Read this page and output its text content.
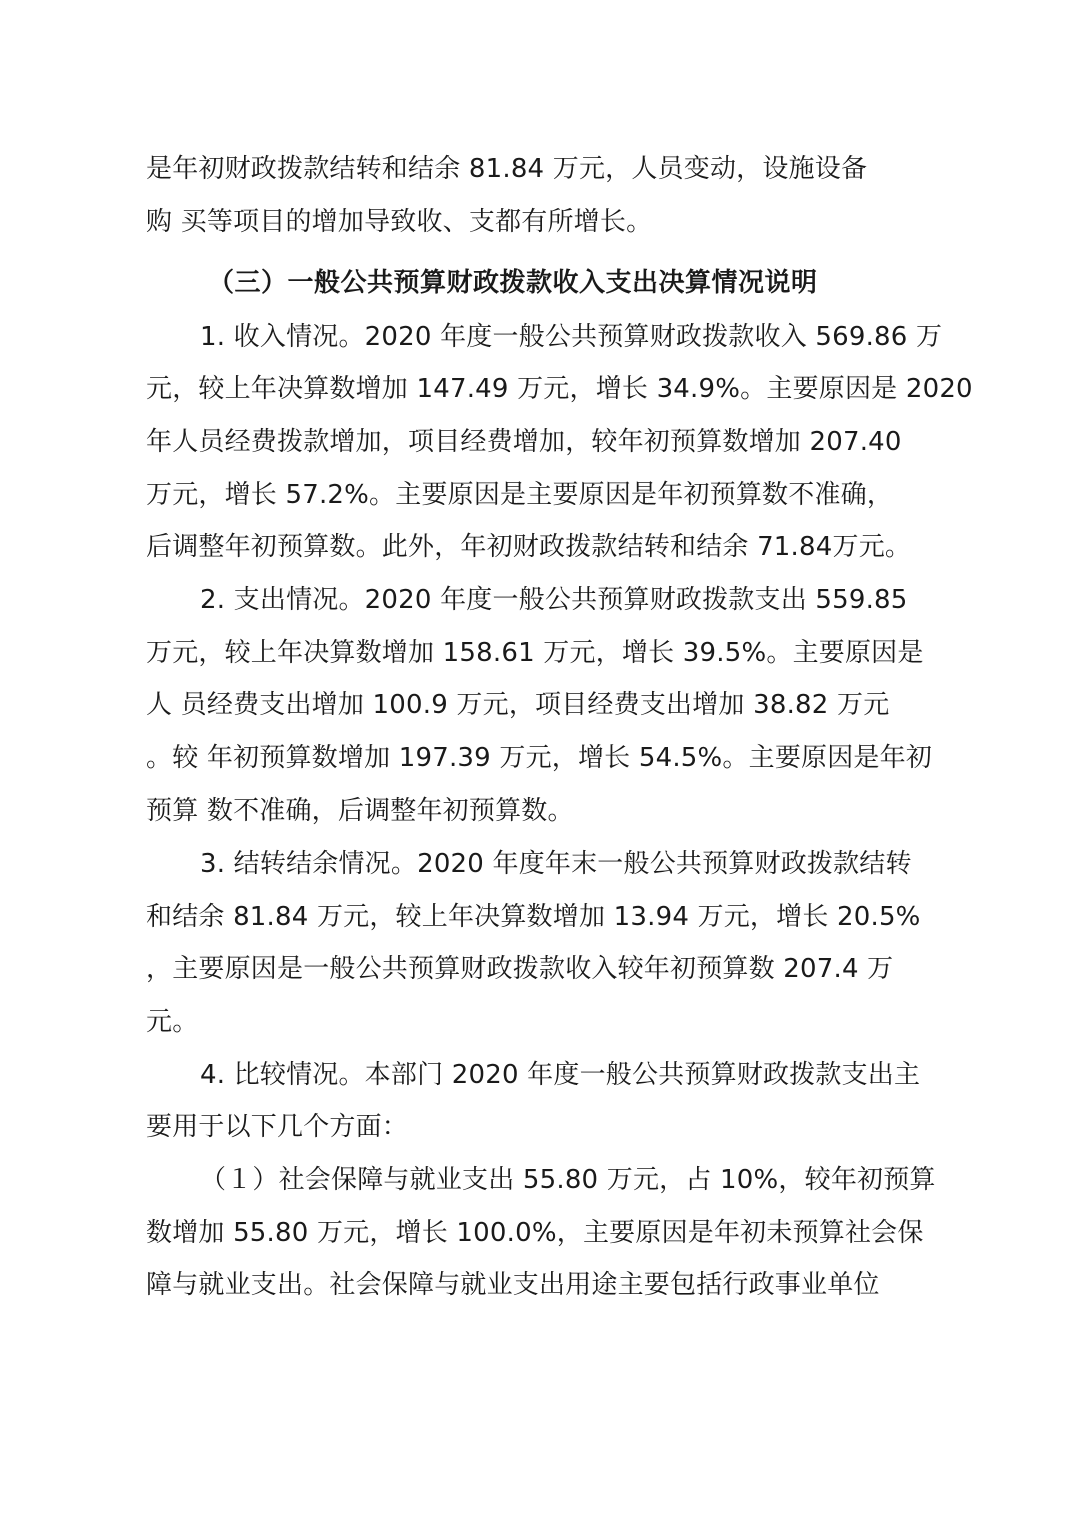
是年初财政拨款结转和结余 81.84 万元，人员变动，设施设备
购 买等项目的增加导致收、支都有所增长。
（三）一般公共预算财政拨款收入支出决算情况说明
1. 收入情况。2020 年度一般公共预算财政拨款收入 569.86 万
元，较上年决算数增加 147.49 万元，增长 34.9%。主要原因是 2020
年人员经费拨款增加，项目经费增加，较年初预算数增加 207.40
万元，增长 57.2%。主要原因是主要原因是年初预算数不准确，
后调整年初预算数。此外，年初财政拨款结转和结余 71.84万元。
2. 支出情况。2020 年度一般公共预算财政拨款支出 559.85
万元，较上年决算数增加 158.61 万元，增长 39.5%。主要原因是
人 员经费支出增加 100.9 万元，项目经费支出增加 38.82 万元
。较 年初预算数增加 197.39 万元，增长 54.5%。主要原因是年初
预算 数不准确，后调整年初预算数。
3. 结转结余情况。2020 年度年末一般公共预算财政拨款结转
和结余 81.84 万元，较上年决算数增加 13.94 万元，增长 20.5%
，主要原因是一般公共预算财政拨款收入较年初预算数 207.4 万
元。
4. 比较情况。本部门 2020 年度一般公共预算财政拨款支出主
要用于以下几个方面：
（１）社会保障与就业支出 55.80 万元，占 10%，较年初预算
数增加 55.80 万元，增长 100.0%，主要原因是年初未预算社会保
障与就业支出。社会保障与就业支出用途主要包括行政事业单位
